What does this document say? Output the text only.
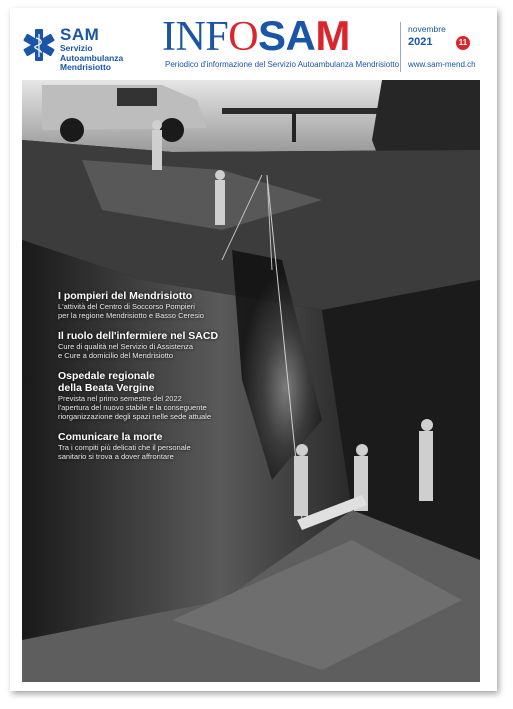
SAM
Servizio
Autoambulanza
Mendrisiotto
INFOSAM
Periodico d'informazione del Servizio Autoambulanza Mendrisiotto
novembre
2021	11
www.sam-mend.ch
I pompieri del Mendrisiotto
L'attività del Centro di Soccorso Pompieri
per la regione Mendrisiotto e Basso Ceresio
Il ruolo dell'infermiere nel SACD
Cure di qualità nel Servizio di Assistenza
e Cure a domicilio del Mendrisiotto
Ospedale regionale
della Beata Vergine
Prevista nel primo semestre del 2022
l'apertura del nuovo stabile e la conseguente
riorganizzazione degli spazi nelle sede attuale
Comunicare la morte
Tra i compiti più delicati che il personale
sanitario si trova a dover affrontare
